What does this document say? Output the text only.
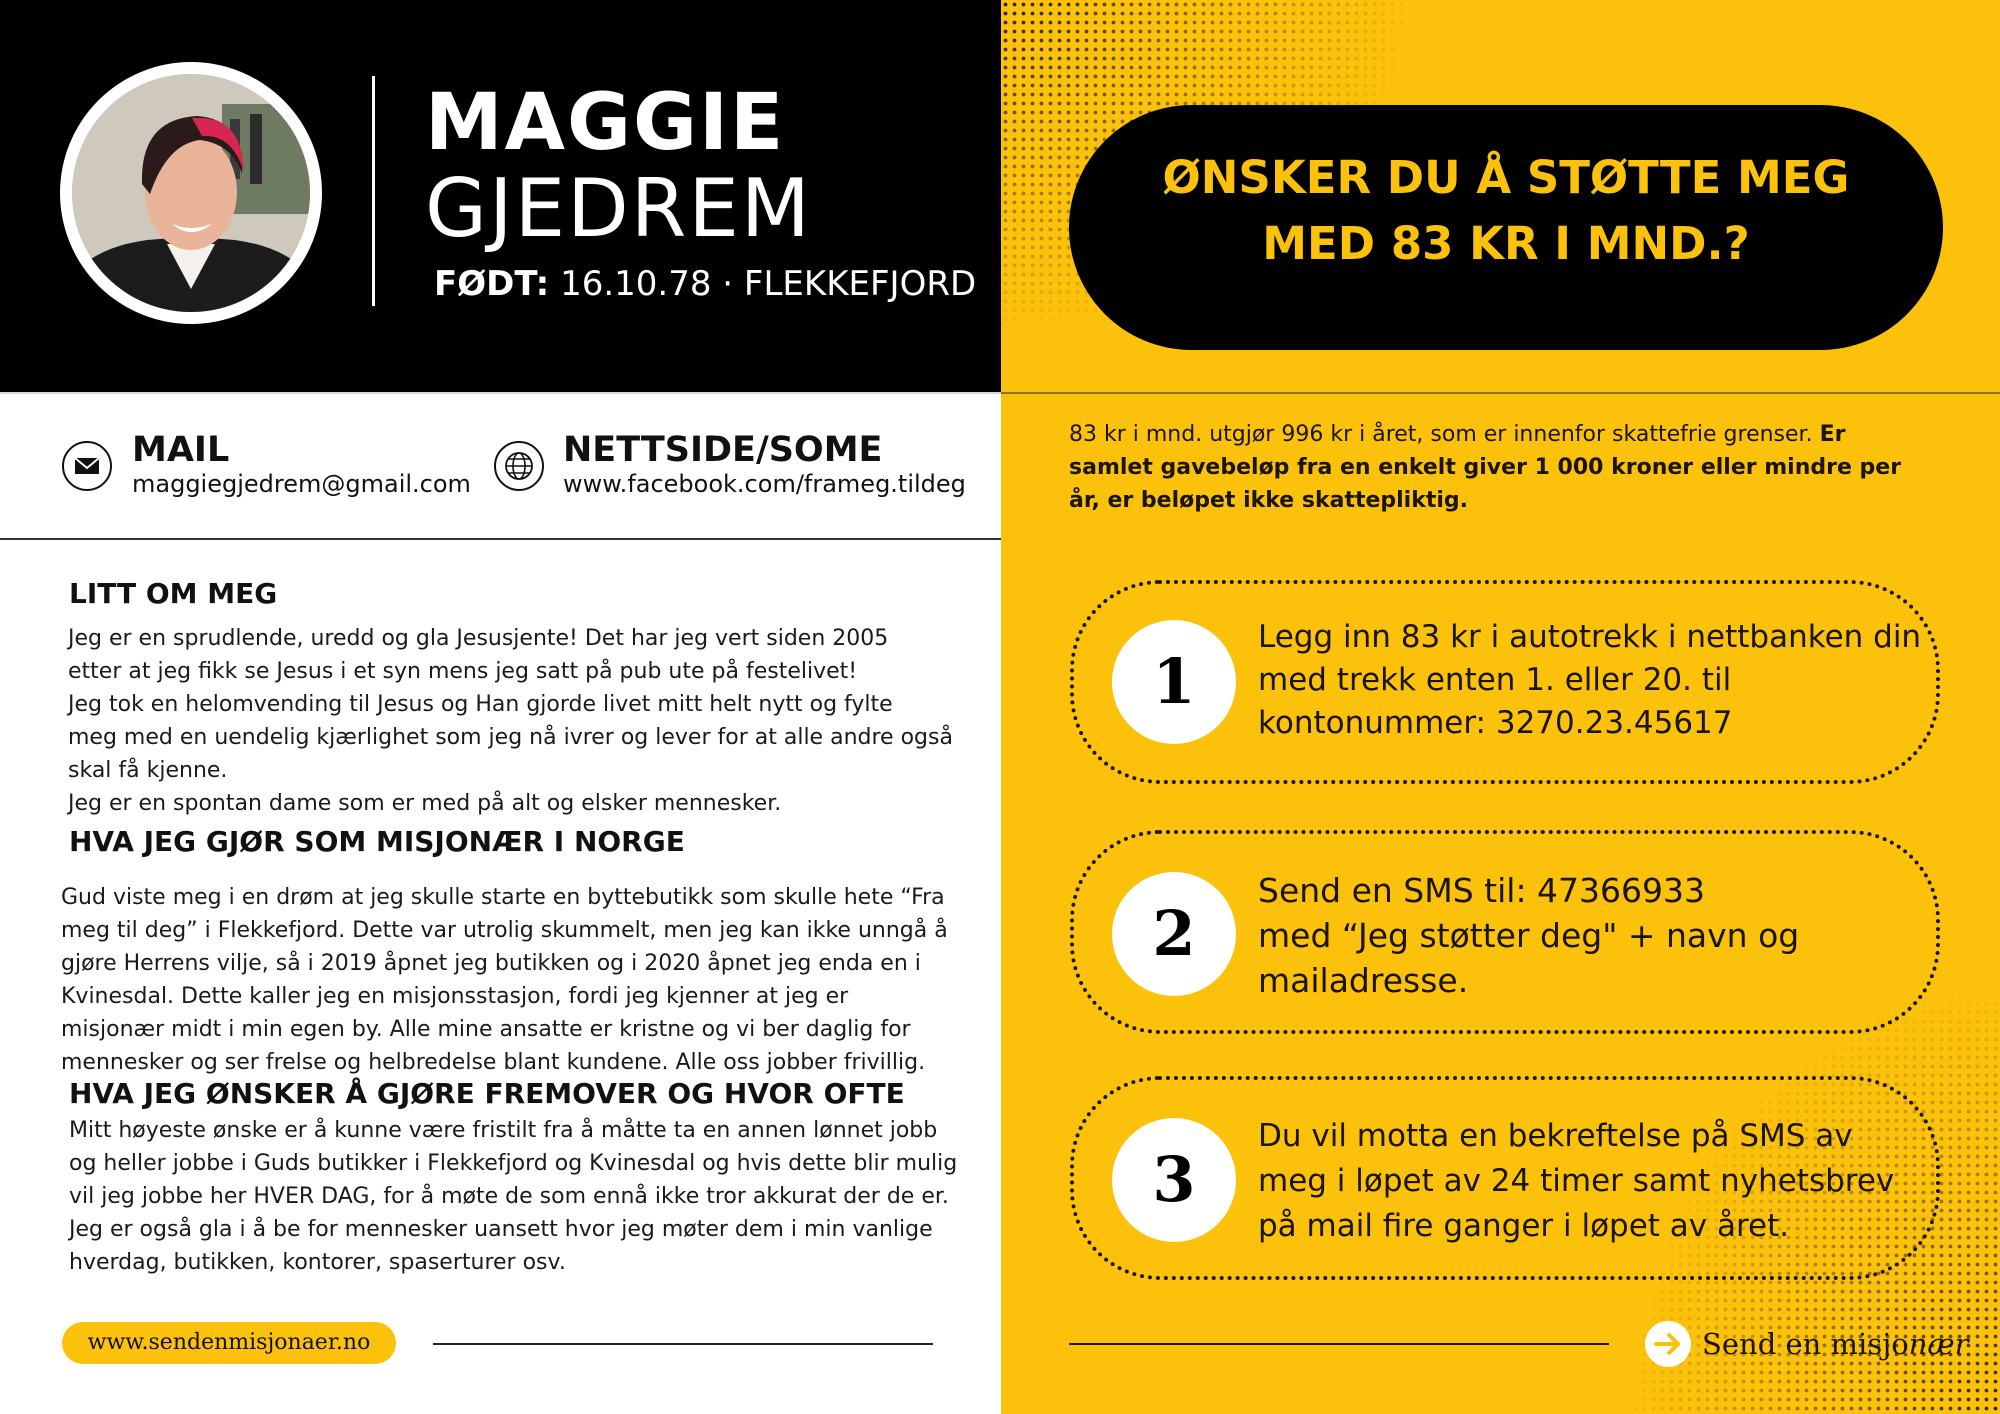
MAGGIE
GJEDREM
FØDT: 16.10.78 · FLEKKEFJORD
ØNSKER DU Å STØTTE MEG
MED 83 KR I MND.?
83 kr i mnd. utgjør 996 kr i året, som er innenfor skattefrie grenser. Er samlet gavebeløp fra en enkelt giver 1 000 kroner eller mindre per år, er beløpet ikke skattepliktig.
1
Legg inn 83 kr i autotrekk i nettbanken din
med trekk enten 1. eller 20. til
kontonummer: 3270.23.45617
2
Send en SMS til: 47366933
med “Jeg støtter deg" + navn og
mailadresse.
3
Du vil motta en bekreftelse på SMS av
meg i løpet av 24 timer samt nyhetsbrev
på mail fire ganger i løpet av året.
Send en misjonær
MAIL
maggiegjedrem@gmail.com
NETTSIDE/SOME
www.facebook.com/frameg.tildeg
LITT OM MEG
Jeg er en sprudlende, uredd og gla Jesusjente! Det har jeg vert siden 2005
etter at jeg fikk se Jesus i et syn mens jeg satt på pub ute på festelivet!
Jeg tok en helomvending til Jesus og Han gjorde livet mitt helt nytt og fylte
meg med en uendelig kjærlighet som jeg nå ivrer og lever for at alle andre også
skal få kjenne.
Jeg er en spontan dame som er med på alt og elsker mennesker.
HVA JEG GJØR SOM MISJONÆR I NORGE
Gud viste meg i en drøm at jeg skulle starte en byttebutikk som skulle hete “Fra
meg til deg” i Flekkefjord. Dette var utrolig skummelt, men jeg kan ikke unngå å
gjøre Herrens vilje, så i 2019 åpnet jeg butikken og i 2020 åpnet jeg enda en i
Kvinesdal. Dette kaller jeg en misjonsstasjon, fordi jeg kjenner at jeg er
misjonær midt i min egen by. Alle mine ansatte er kristne og vi ber daglig for
mennesker og ser frelse og helbredelse blant kundene. Alle oss jobber frivillig.
HVA JEG ØNSKER Å GJØRE FREMOVER OG HVOR OFTE
Mitt høyeste ønske er å kunne være fristilt fra å måtte ta en annen lønnet jobb
og heller jobbe i Guds butikker i Flekkefjord og Kvinesdal og hvis dette blir mulig
vil jeg jobbe her HVER DAG, for å møte de som ennå ikke tror akkurat der de er.
Jeg er også gla i å be for mennesker uansett hvor jeg møter dem i min vanlige
hverdag, butikken, kontorer, spaserturer osv.
www.sendenmisjonaer.no
